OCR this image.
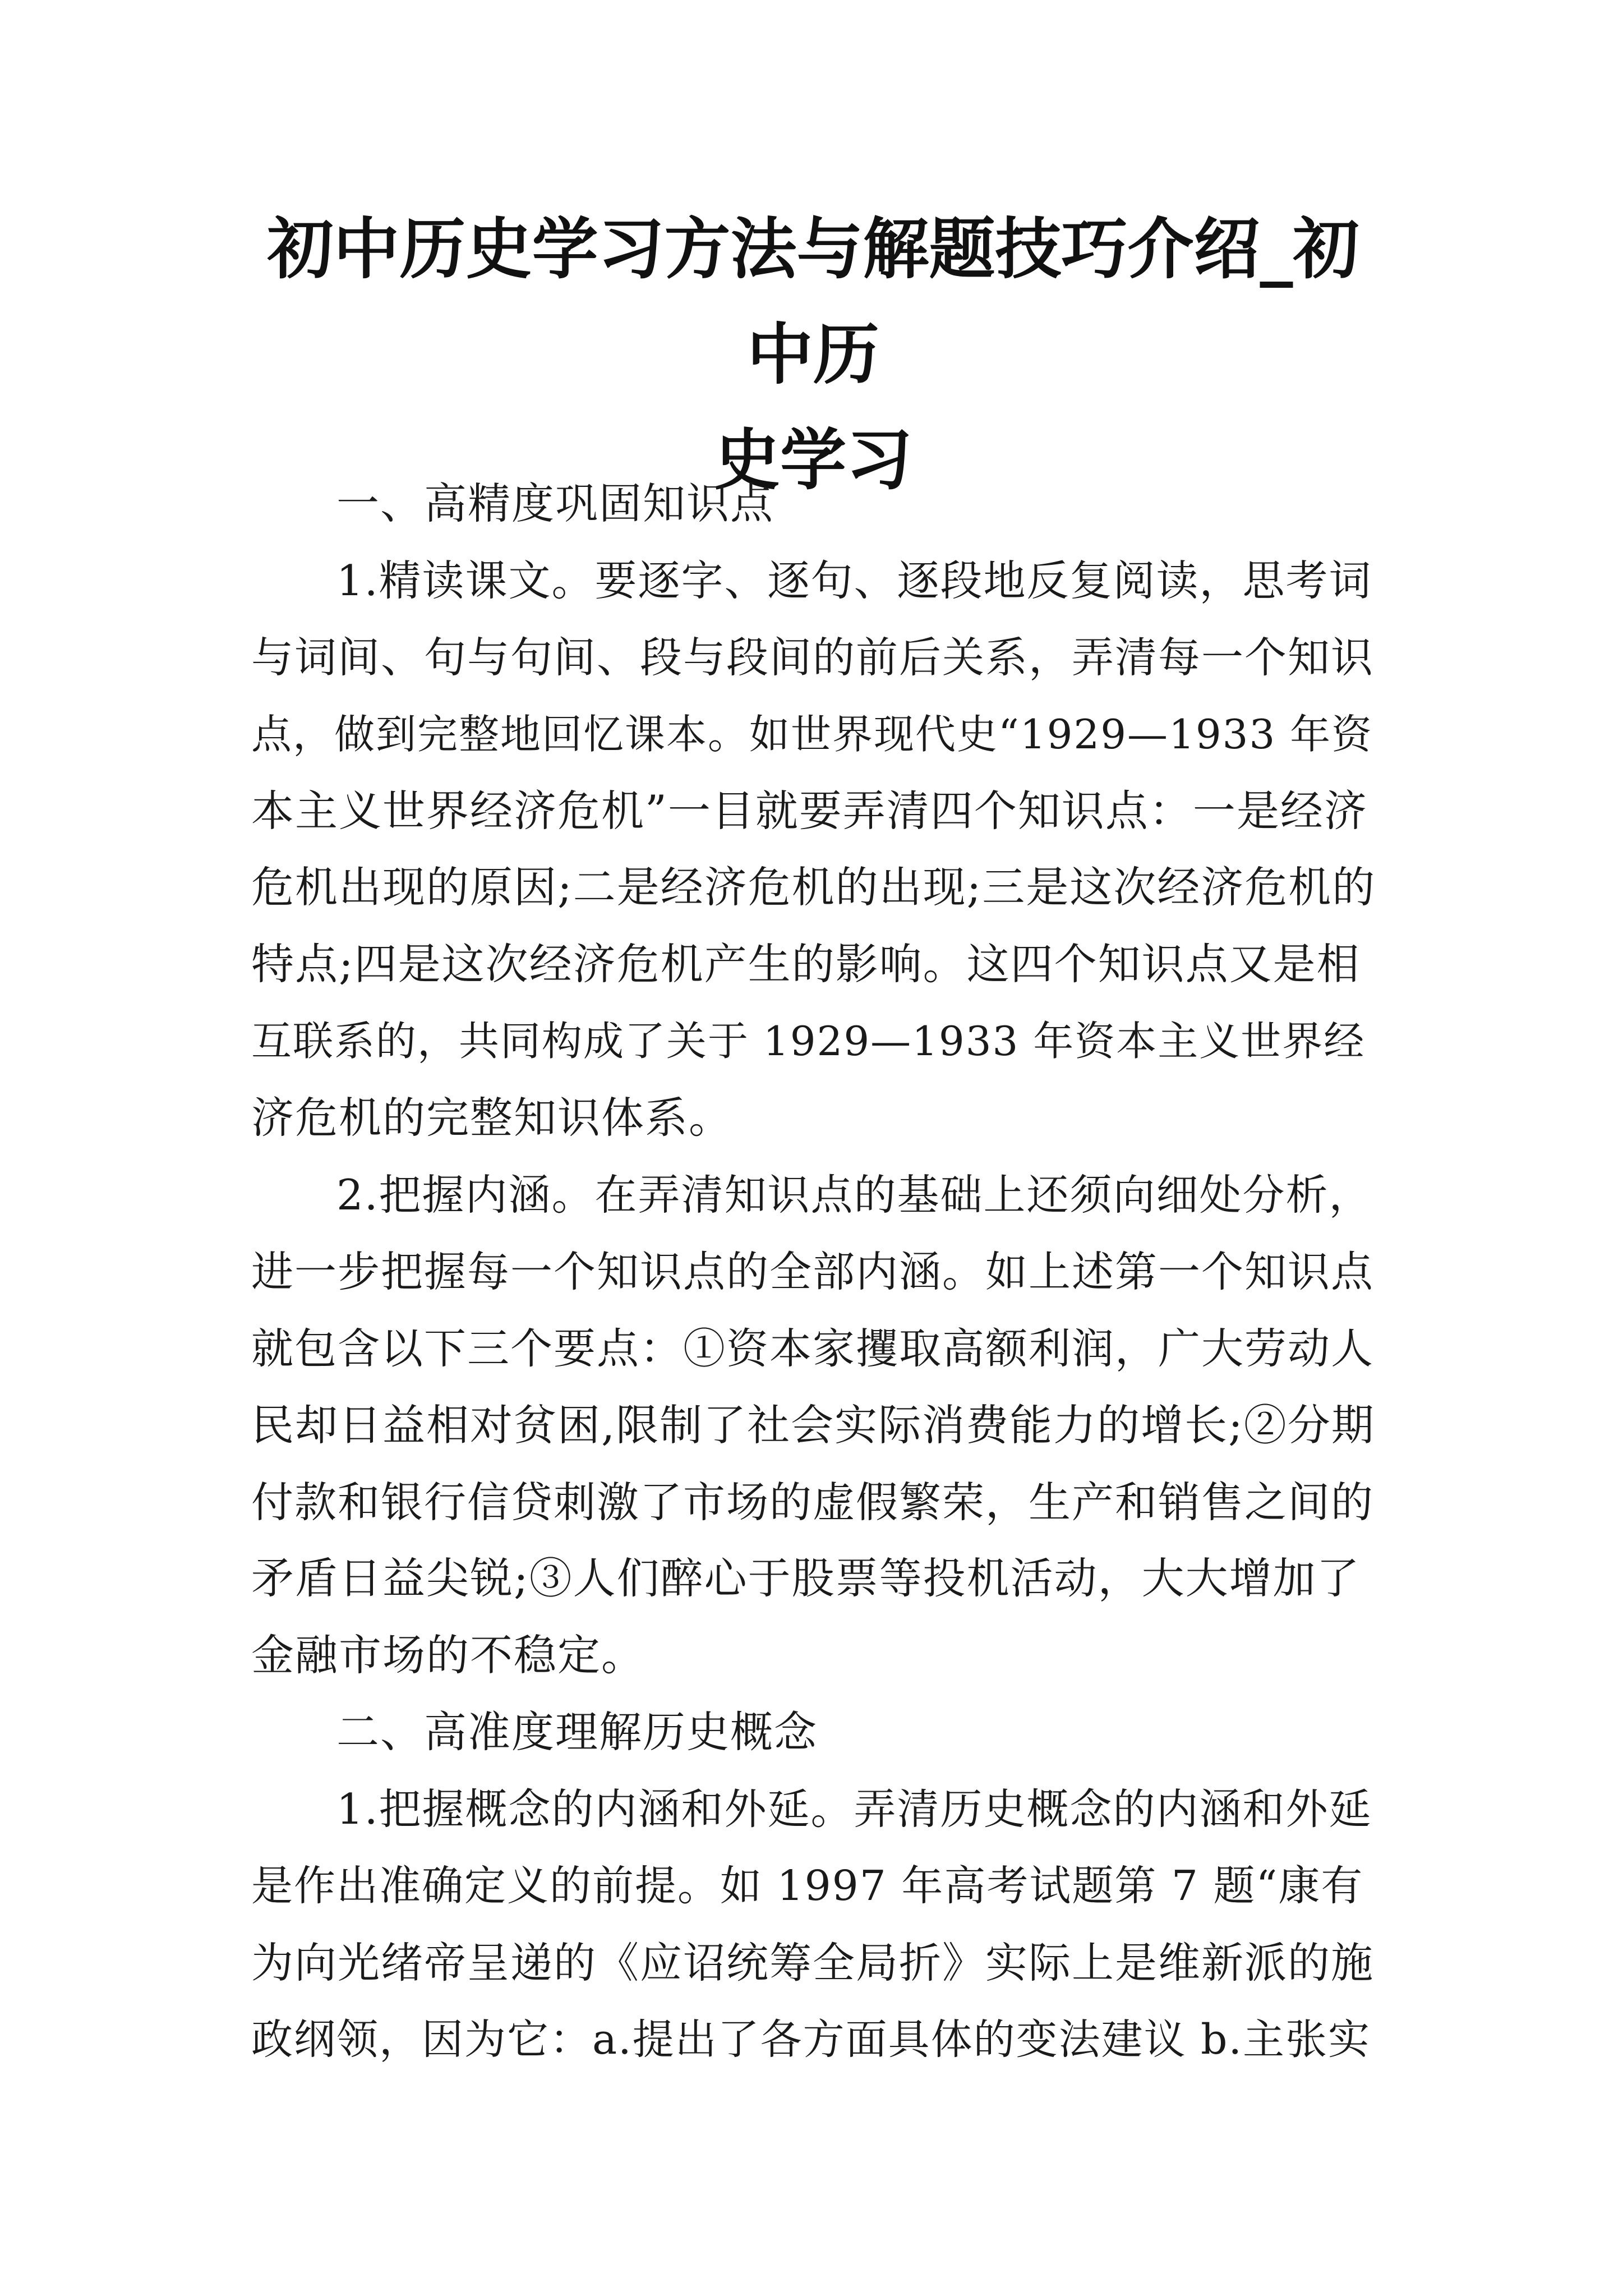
初中历史学习方法与解题技巧介绍_初中历
史学习
一、高精度巩固知识点
1.精读课文。要逐字、逐句、逐段地反复阅读，思考词
与词间、句与句间、段与段间的前后关系，弄清每一个知识
点，做到完整地回忆课本。如世界现代史“1929—1933 年资
本主义世界经济危机”一目就要弄清四个知识点：一是经济
危机出现的原因;二是经济危机的出现;三是这次经济危机的
特点;四是这次经济危机产生的影响。这四个知识点又是相
互联系的，共同构成了关于 1929—1933 年资本主义世界经
济危机的完整知识体系。
2.把握内涵。在弄清知识点的基础上还须向细处分析，
进一步把握每一个知识点的全部内涵。如上述第一个知识点
就包含以下三个要点：①资本家攫取高额利润，广大劳动人
民却日益相对贫困,限制了社会实际消费能力的增长;②分期
付款和银行信贷刺激了市场的虚假繁荣，生产和销售之间的
矛盾日益尖锐;③人们醉心于股票等投机活动，大大增加了
金融市场的不稳定。
二、高准度理解历史概念
1.把握概念的内涵和外延。弄清历史概念的内涵和外延
是作出准确定义的前提。如 1997 年高考试题第 7 题“康有
为向光绪帝呈递的《应诏统筹全局折》实际上是维新派的施
政纲领，因为它：a.提出了各方面具体的变法建议 b.主张实
